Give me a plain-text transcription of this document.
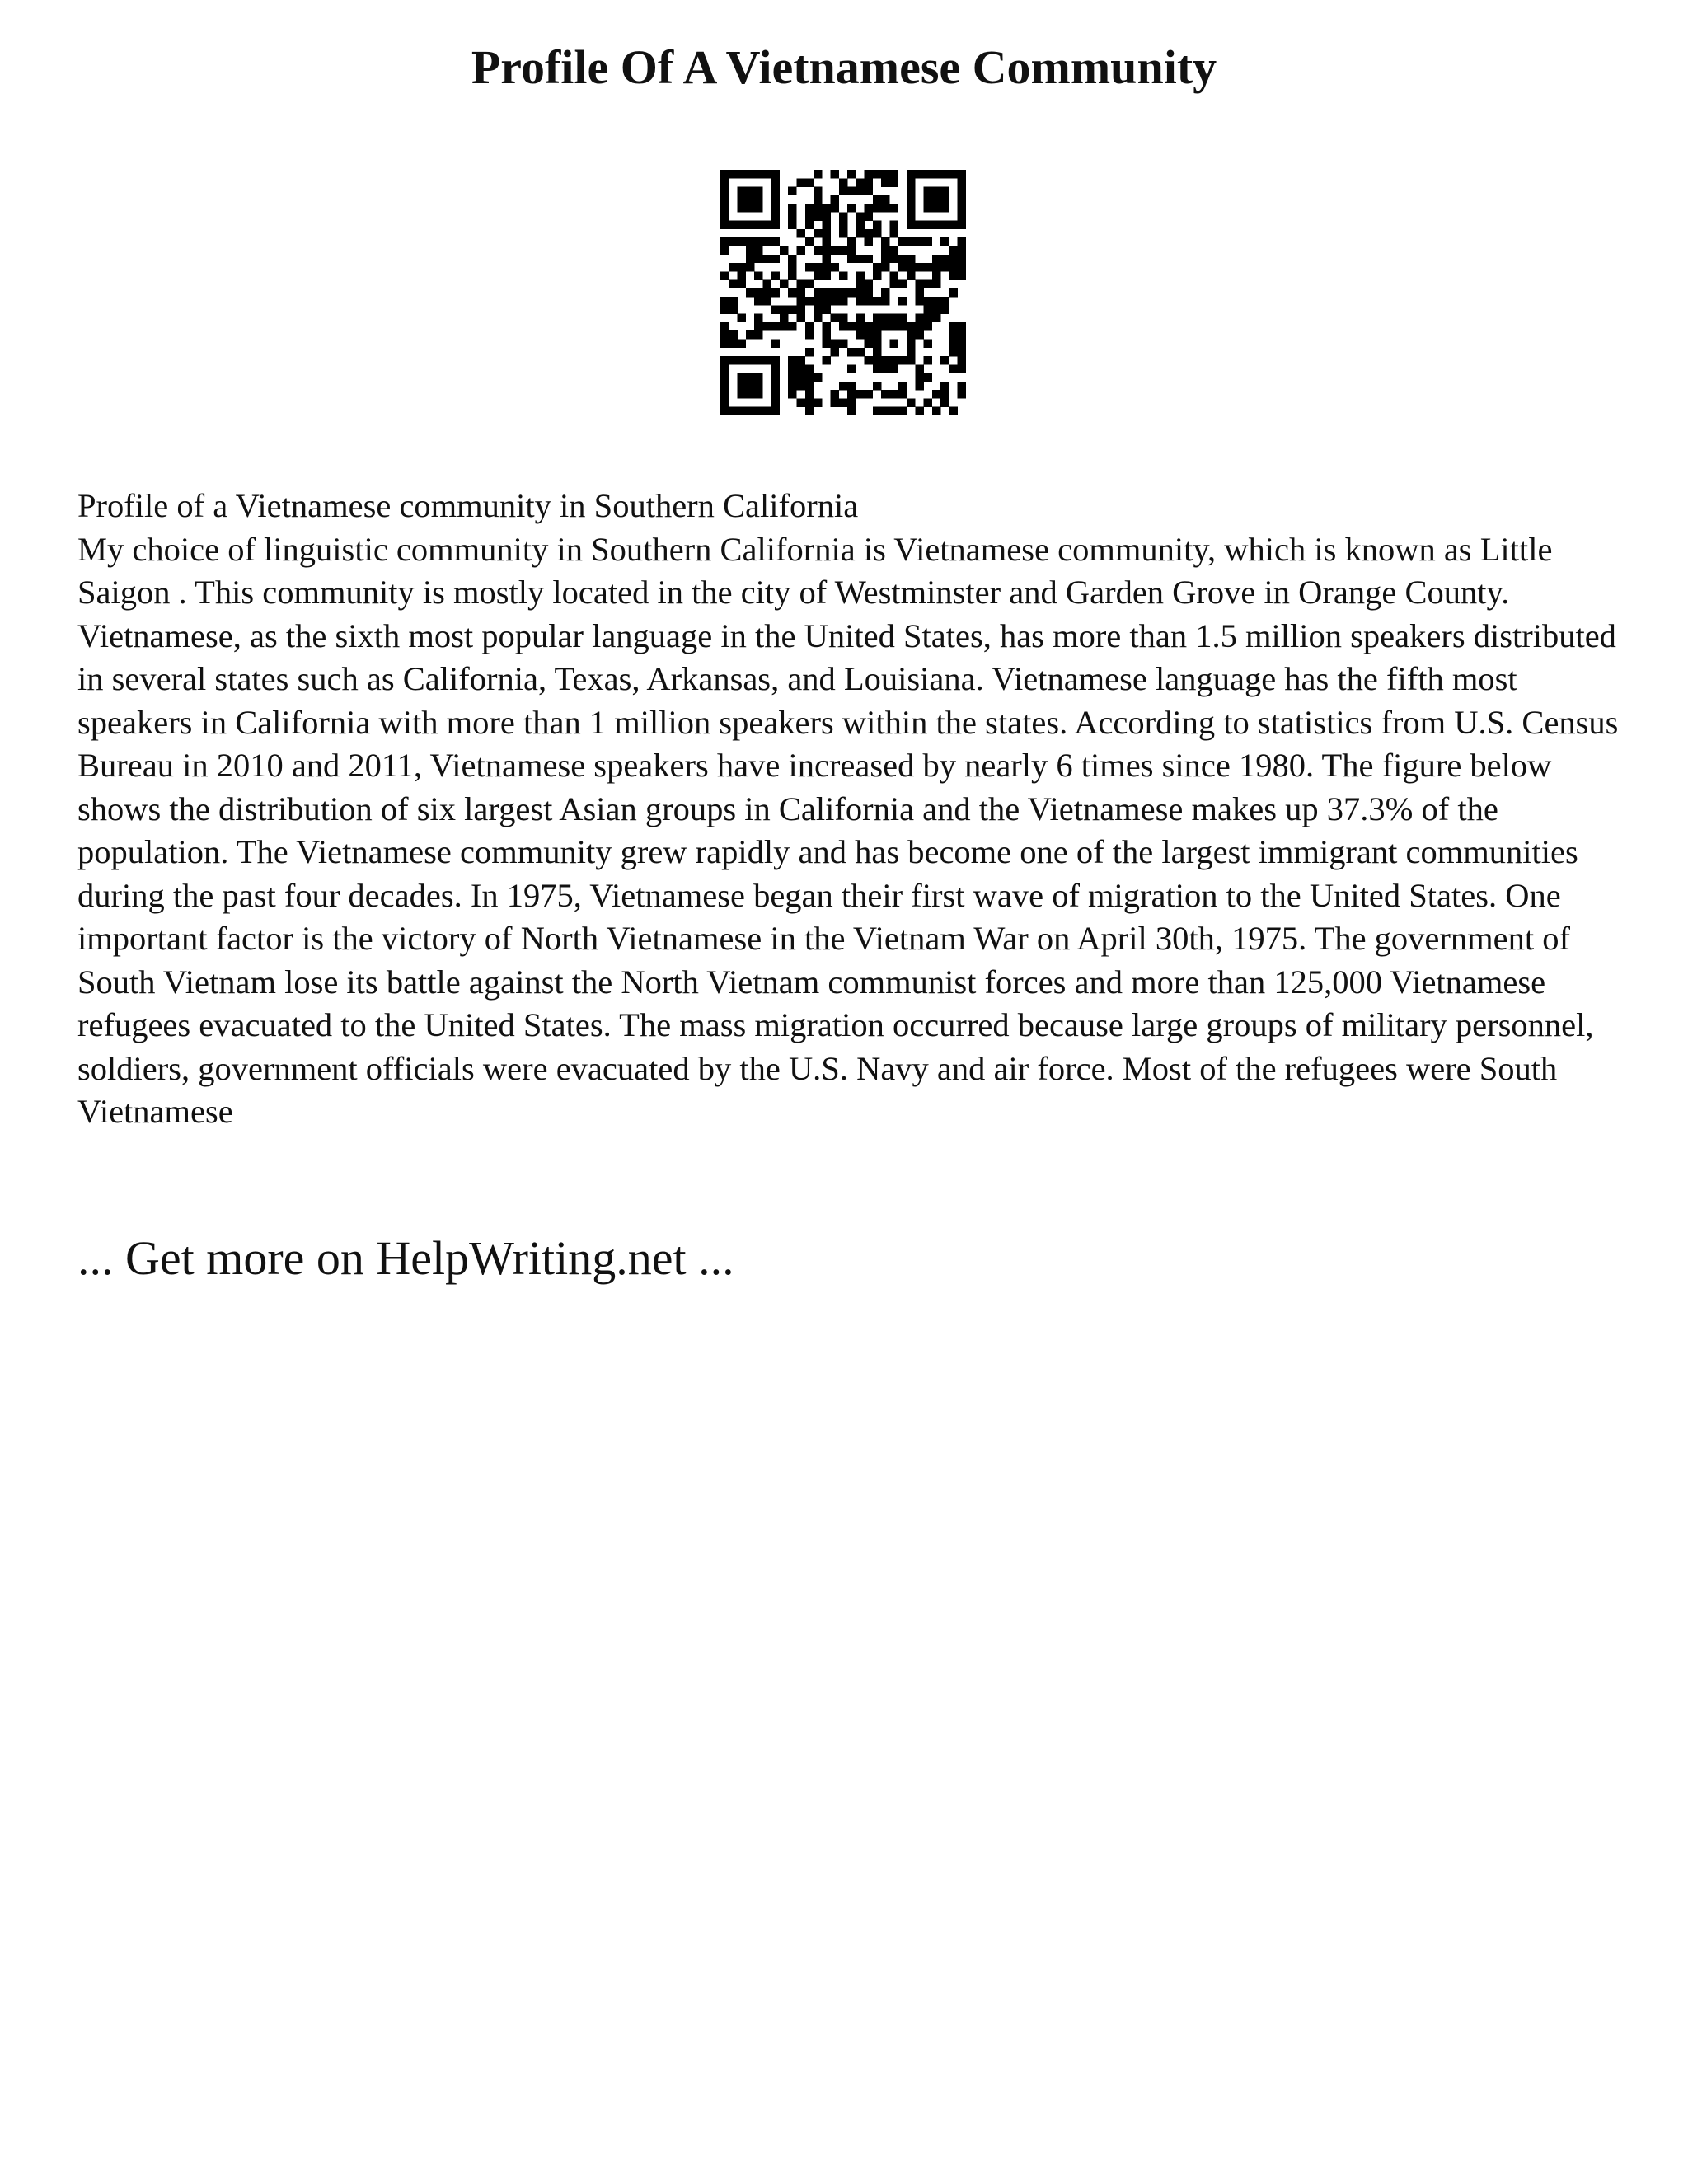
Profile Of A Vietnamese Community

Profile of a Vietnamese community in Southern California

My choice of linguistic community in Southern California is Vietnamese community, which is known as Little Saigon . This community is mostly located in the city of Westminster and Garden Grove in Orange County. Vietnamese, as the sixth most popular language in the United States, has more than 1.5 million speakers distributed in several states such as California, Texas, Arkansas, and Louisiana. Vietnamese language has the fifth most speakers in California with more than 1 million speakers within the states. According to statistics from U.S. Census Bureau in 2010 and 2011, Vietnamese speakers have increased by nearly 6 times since 1980. The figure below shows the distribution of six largest Asian groups in California and the Vietnamese makes up 37.3% of the population. The Vietnamese community grew rapidly and has become one of the largest immigrant communities during the past four decades. In 1975, Vietnamese began their first wave of migration to the United States. One important factor is the victory of North Vietnamese in the Vietnam War on April 30th, 1975. The government of South Vietnam lose its battle against the North Vietnam communist forces and more than 125,000 Vietnamese refugees evacuated to the United States. The mass migration occurred because large groups of military personnel, soldiers, government officials were evacuated by the U.S. Navy and air force. Most of the refugees were South Vietnamese

... Get more on HelpWriting.net ...
